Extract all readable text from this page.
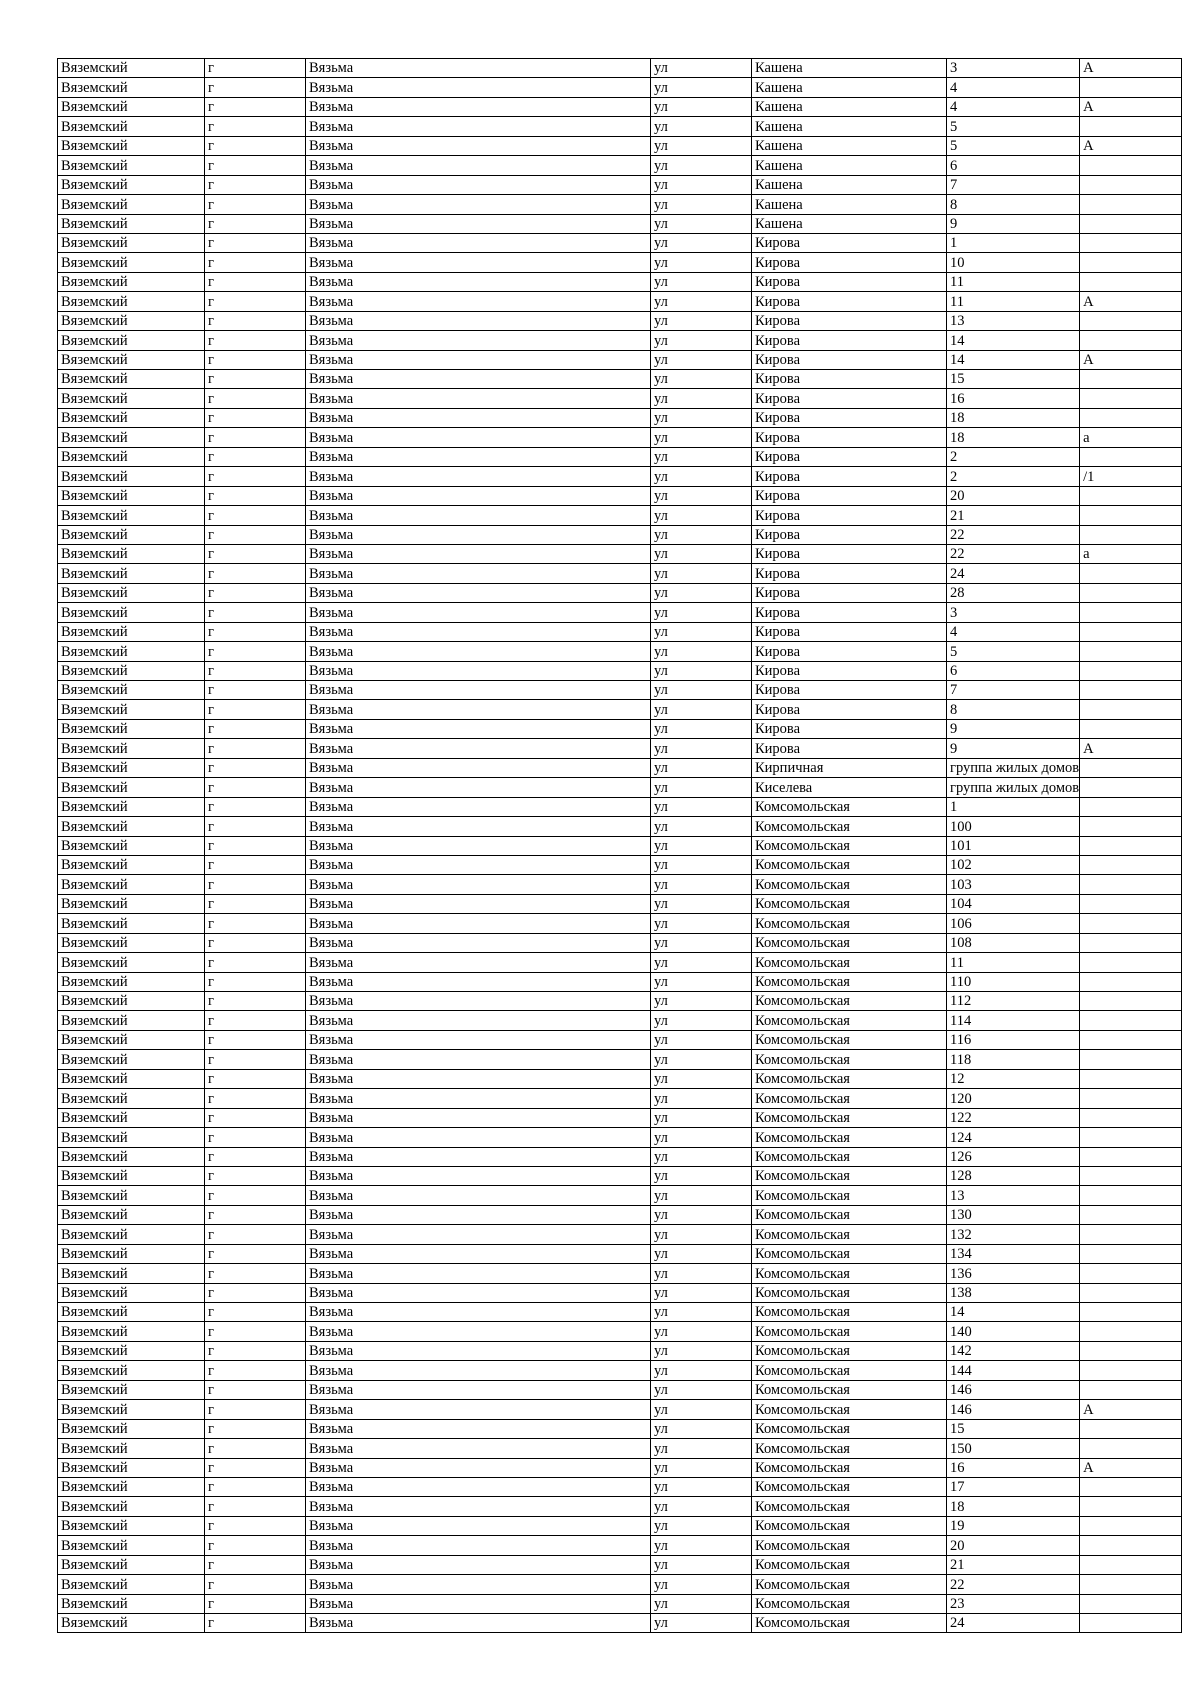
Вяземский	г	Вязьма	ул	Кашена	3	А
Вяземский	г	Вязьма	ул	Кашена	4	
Вяземский	г	Вязьма	ул	Кашена	4	А
Вяземский	г	Вязьма	ул	Кашена	5	
Вяземский	г	Вязьма	ул	Кашена	5	А
Вяземский	г	Вязьма	ул	Кашена	6	
Вяземский	г	Вязьма	ул	Кашена	7	
Вяземский	г	Вязьма	ул	Кашена	8	
Вяземский	г	Вязьма	ул	Кашена	9	
Вяземский	г	Вязьма	ул	Кирова	1	
Вяземский	г	Вязьма	ул	Кирова	10	
Вяземский	г	Вязьма	ул	Кирова	11	
Вяземский	г	Вязьма	ул	Кирова	11	А
Вяземский	г	Вязьма	ул	Кирова	13	
Вяземский	г	Вязьма	ул	Кирова	14	
Вяземский	г	Вязьма	ул	Кирова	14	А
Вяземский	г	Вязьма	ул	Кирова	15	
Вяземский	г	Вязьма	ул	Кирова	16	
Вяземский	г	Вязьма	ул	Кирова	18	
Вяземский	г	Вязьма	ул	Кирова	18	а
Вяземский	г	Вязьма	ул	Кирова	2	
Вяземский	г	Вязьма	ул	Кирова	2	/1
Вяземский	г	Вязьма	ул	Кирова	20	
Вяземский	г	Вязьма	ул	Кирова	21	
Вяземский	г	Вязьма	ул	Кирова	22	
Вяземский	г	Вязьма	ул	Кирова	22	а
Вяземский	г	Вязьма	ул	Кирова	24	
Вяземский	г	Вязьма	ул	Кирова	28	
Вяземский	г	Вязьма	ул	Кирова	3	
Вяземский	г	Вязьма	ул	Кирова	4	
Вяземский	г	Вязьма	ул	Кирова	5	
Вяземский	г	Вязьма	ул	Кирова	6	
Вяземский	г	Вязьма	ул	Кирова	7	
Вяземский	г	Вязьма	ул	Кирова	8	
Вяземский	г	Вязьма	ул	Кирова	9	
Вяземский	г	Вязьма	ул	Кирова	9	А
Вяземский	г	Вязьма	ул	Кирпичная	группа жилых домов	
Вяземский	г	Вязьма	ул	Киселева	группа жилых домов	
Вяземский	г	Вязьма	ул	Комсомольская	1	
Вяземский	г	Вязьма	ул	Комсомольская	100	
Вяземский	г	Вязьма	ул	Комсомольская	101	
Вяземский	г	Вязьма	ул	Комсомольская	102	
Вяземский	г	Вязьма	ул	Комсомольская	103	
Вяземский	г	Вязьма	ул	Комсомольская	104	
Вяземский	г	Вязьма	ул	Комсомольская	106	
Вяземский	г	Вязьма	ул	Комсомольская	108	
Вяземский	г	Вязьма	ул	Комсомольская	11	
Вяземский	г	Вязьма	ул	Комсомольская	110	
Вяземский	г	Вязьма	ул	Комсомольская	112	
Вяземский	г	Вязьма	ул	Комсомольская	114	
Вяземский	г	Вязьма	ул	Комсомольская	116	
Вяземский	г	Вязьма	ул	Комсомольская	118	
Вяземский	г	Вязьма	ул	Комсомольская	12	
Вяземский	г	Вязьма	ул	Комсомольская	120	
Вяземский	г	Вязьма	ул	Комсомольская	122	
Вяземский	г	Вязьма	ул	Комсомольская	124	
Вяземский	г	Вязьма	ул	Комсомольская	126	
Вяземский	г	Вязьма	ул	Комсомольская	128	
Вяземский	г	Вязьма	ул	Комсомольская	13	
Вяземский	г	Вязьма	ул	Комсомольская	130	
Вяземский	г	Вязьма	ул	Комсомольская	132	
Вяземский	г	Вязьма	ул	Комсомольская	134	
Вяземский	г	Вязьма	ул	Комсомольская	136	
Вяземский	г	Вязьма	ул	Комсомольская	138	
Вяземский	г	Вязьма	ул	Комсомольская	14	
Вяземский	г	Вязьма	ул	Комсомольская	140	
Вяземский	г	Вязьма	ул	Комсомольская	142	
Вяземский	г	Вязьма	ул	Комсомольская	144	
Вяземский	г	Вязьма	ул	Комсомольская	146	
Вяземский	г	Вязьма	ул	Комсомольская	146	А
Вяземский	г	Вязьма	ул	Комсомольская	15	
Вяземский	г	Вязьма	ул	Комсомольская	150	
Вяземский	г	Вязьма	ул	Комсомольская	16	А
Вяземский	г	Вязьма	ул	Комсомольская	17	
Вяземский	г	Вязьма	ул	Комсомольская	18	
Вяземский	г	Вязьма	ул	Комсомольская	19	
Вяземский	г	Вязьма	ул	Комсомольская	20	
Вяземский	г	Вязьма	ул	Комсомольская	21	
Вяземский	г	Вязьма	ул	Комсомольская	22	
Вяземский	г	Вязьма	ул	Комсомольская	23	
Вяземский	г	Вязьма	ул	Комсомольская	24	
